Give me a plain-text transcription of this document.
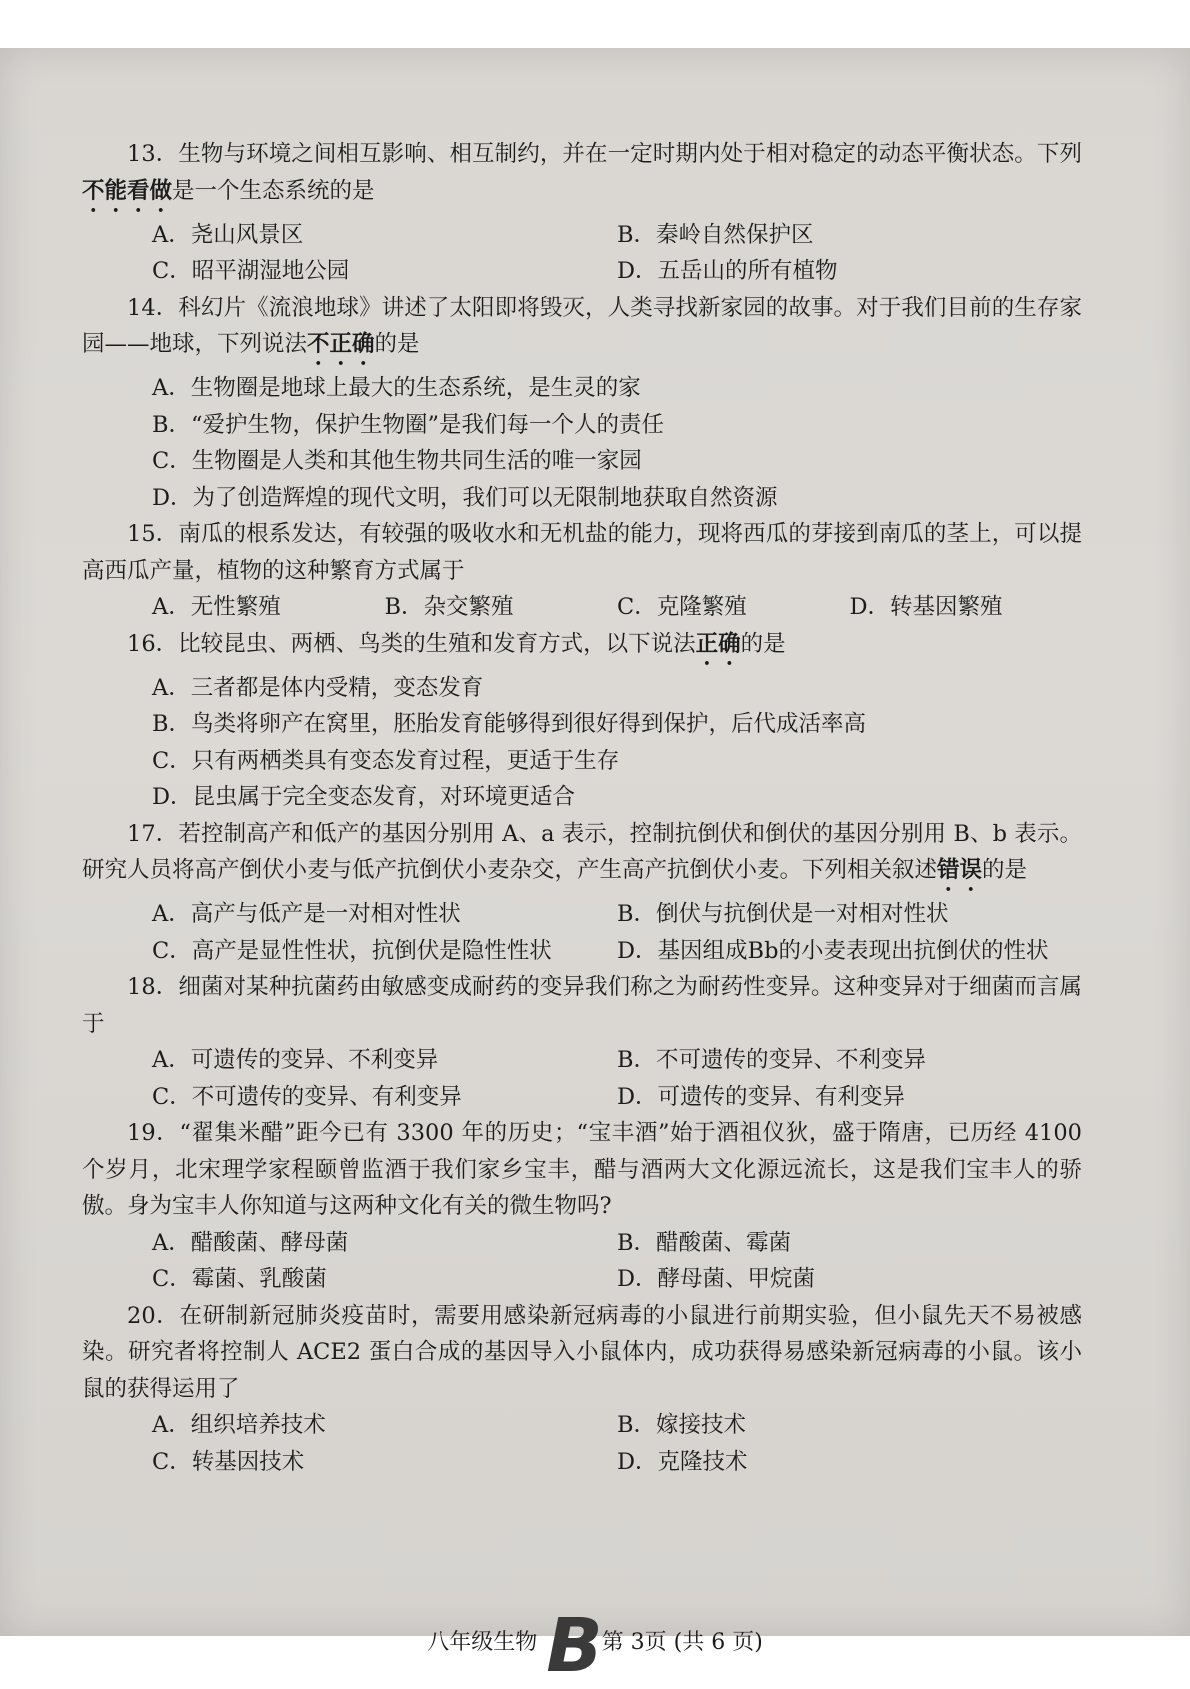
13．生物与环境之间相互影响、相互制约，并在一定时期内处于相对稳定的动态平衡状态。下列不能看做是一个生态系统的是

A．尧山风景区	B．秦岭自然保护区
C．昭平湖湿地公园	D．五岳山的所有植物

14．科幻片《流浪地球》讲述了太阳即将毁灭，人类寻找新家园的故事。对于我们目前的生存家园——地球，下列说法不正确的是

A．生物圈是地球上最大的生态系统，是生灵的家
B．“爱护生物，保护生物圈”是我们每一个人的责任
C．生物圈是人类和其他生物共同生活的唯一家园
D．为了创造辉煌的现代文明，我们可以无限制地获取自然资源

15．南瓜的根系发达，有较强的吸收水和无机盐的能力，现将西瓜的芽接到南瓜的茎上，可以提高西瓜产量，植物的这种繁育方式属于

A．无性繁殖	B．杂交繁殖	C．克隆繁殖	D．转基因繁殖

16．比较昆虫、两栖、鸟类的生殖和发育方式，以下说法正确的是

A．三者都是体内受精，变态发育
B．鸟类将卵产在窝里，胚胎发育能够得到很好得到保护，后代成活率高
C．只有两栖类具有变态发育过程，更适于生存
D．昆虫属于完全变态发育，对环境更适合

17．若控制高产和低产的基因分别用 A、a 表示，控制抗倒伏和倒伏的基因分别用 B、b 表示。研究人员将高产倒伏小麦与低产抗倒伏小麦杂交，产生高产抗倒伏小麦。下列相关叙述错误的是

A．高产与低产是一对相对性状	B．倒伏与抗倒伏是一对相对性状
C．高产是显性性状，抗倒伏是隐性性状	D．基因组成Bb的小麦表现出抗倒伏的性状

18．细菌对某种抗菌药由敏感变成耐药的变异我们称之为耐药性变异。这种变异对于细菌而言属于

A．可遗传的变异、不利变异	B．不可遗传的变异、不利变异
C．不可遗传的变异、有利变异	D．可遗传的变异、有利变异

19．“翟集米醋”距今已有 3300 年的历史；“宝丰酒”始于酒祖仪狄，盛于隋唐，已历经 4100 个岁月，北宋理学家程颐曾监酒于我们家乡宝丰，醋与酒两大文化源远流长，这是我们宝丰人的骄傲。身为宝丰人你知道与这两种文化有关的微生物吗?

A．醋酸菌、酵母菌	B．醋酸菌、霉菌
C．霉菌、乳酸菌	D．酵母菌、甲烷菌

20．在研制新冠肺炎疫苗时，需要用感染新冠病毒的小鼠进行前期实验，但小鼠先天不易被感染。研究者将控制人 ACE2 蛋白合成的基因导入小鼠体内，成功获得易感染新冠病毒的小鼠。该小鼠的获得运用了

A．组织培养技术	B．嫁接技术
C．转基因技术	D．克隆技术
八年级生物 B 第 3页 (共 6 页)
